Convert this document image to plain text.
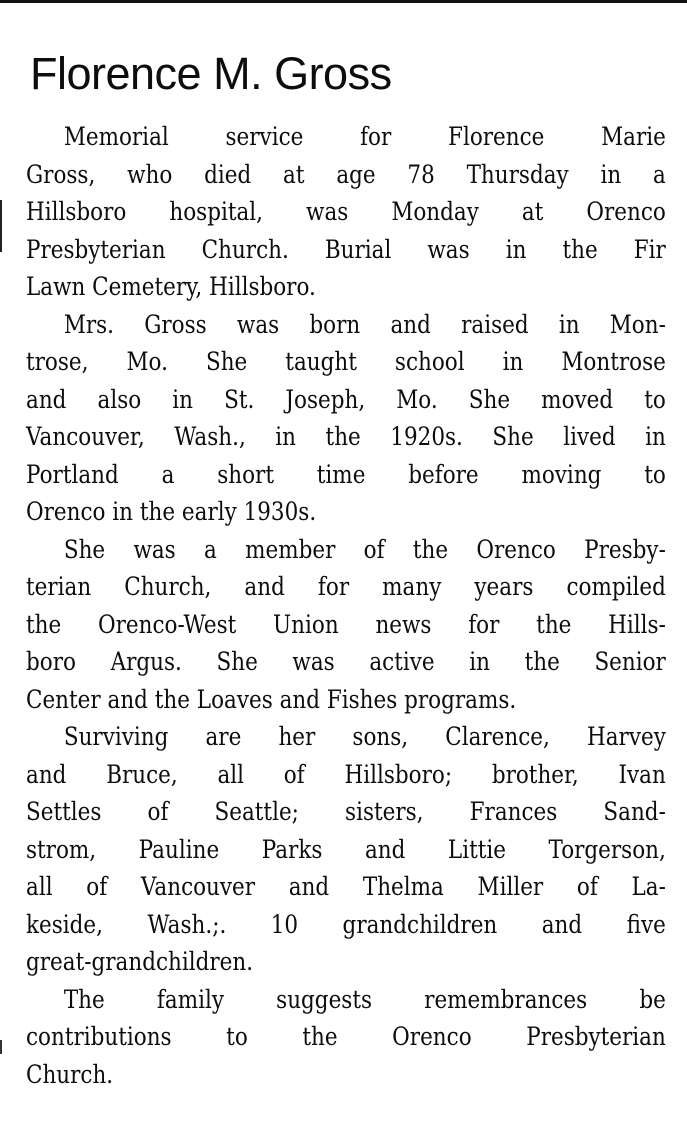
Florence M. Gross

Memorial service for Florence Marie
Gross, who died at age 78 Thursday in a
Hillsboro hospital, was Monday at Orenco
Presbyterian Church. Burial was in the Fir
Lawn Cemetery, Hillsboro.

Mrs. Gross was born and raised in Mon-
trose, Mo. She taught school in Montrose
and also in St. Joseph, Mo. She moved to
Vancouver, Wash., in the 1920s. She lived in
Portland a short time before moving to
Orenco in the early 1930s.

She was a member of the Orenco Presby-
terian Church, and for many years compiled
the Orenco-West Union news for the Hills-
boro Argus. She was active in the Senior
Center and the Loaves and Fishes programs.

Surviving are her sons, Clarence, Harvey
and Bruce, all of Hillsboro; brother, Ivan
Settles of Seattle; sisters, Frances Sand-
strom, Pauline Parks and Littie Torgerson,
all of Vancouver and Thelma Miller of La-
keside, Wash.;. 10 grandchildren and five
great-grandchildren.

The family suggests remembrances be
contributions to the Orenco Presbyterian
Church.
